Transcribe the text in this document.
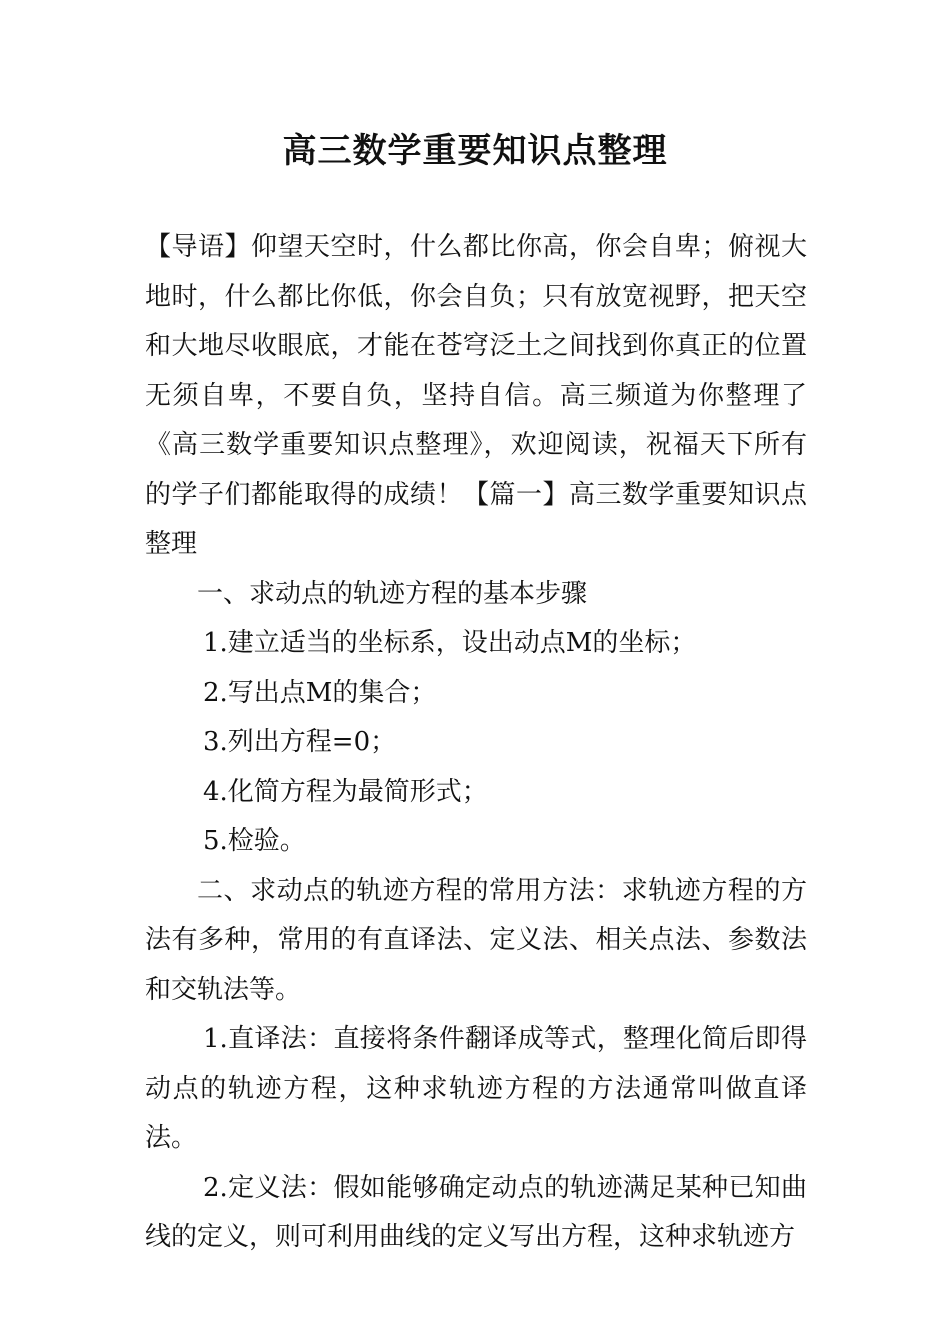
高三数学重要知识点整理

【导语】仰望天空时，什么都比你高，你会自卑；俯视大地时，什么都比你低，你会自负；只有放宽视野，把天空和大地尽收眼底，才能在苍穹泛土之间找到你真正的位置无须自卑，不要自负，坚持自信。高三频道为你整理了《高三数学重要知识点整理》，欢迎阅读，祝福天下所有的学子们都能取得的成绩！【篇一】高三数学重要知识点整理

一、求动点的轨迹方程的基本步骤

1.建立适当的坐标系，设出动点M的坐标；

2.写出点M的集合；

3.列出方程=0；

4.化简方程为最简形式；

5.检验。

二、求动点的轨迹方程的常用方法：求轨迹方程的方法有多种，常用的有直译法、定义法、相关点法、参数法和交轨法等。

1.直译法：直接将条件翻译成等式，整理化简后即得动点的轨迹方程，这种求轨迹方程的方法通常叫做直译法。

2.定义法：假如能够确定动点的轨迹满足某种已知曲线的定义，则可利用曲线的定义写出方程，这种求轨迹方
